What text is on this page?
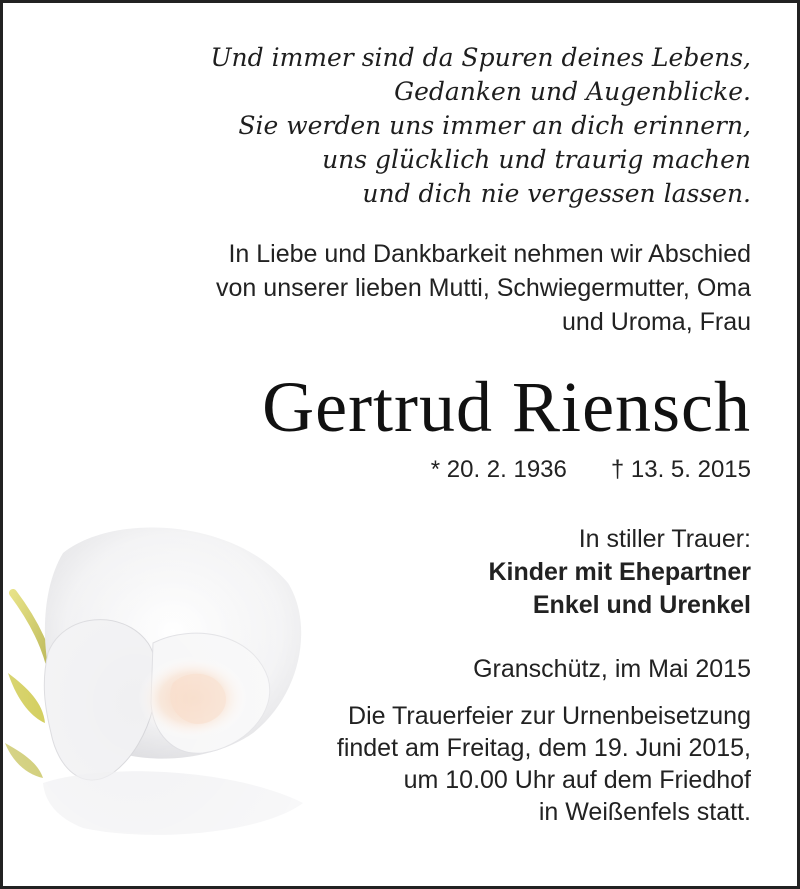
Und immer sind da Spuren deines Lebens,
Gedanken und Augenblicke.
Sie werden uns immer an dich erinnern,
uns glücklich und traurig machen
und dich nie vergessen lassen.
In Liebe und Dankbarkeit nehmen wir Abschied
von unserer lieben Mutti, Schwiegermutter, Oma
und Uroma, Frau
Gertrud Riensch
* 20. 2. 1936 † 13. 5. 2015
In stiller Trauer:
Kinder mit Ehepartner
Enkel und Urenkel
Granschütz, im Mai 2015
Die Trauerfeier zur Urnenbeisetzung
findet am Freitag, dem 19. Juni 2015,
um 10.00 Uhr auf dem Friedhof
in Weißenfels statt.
